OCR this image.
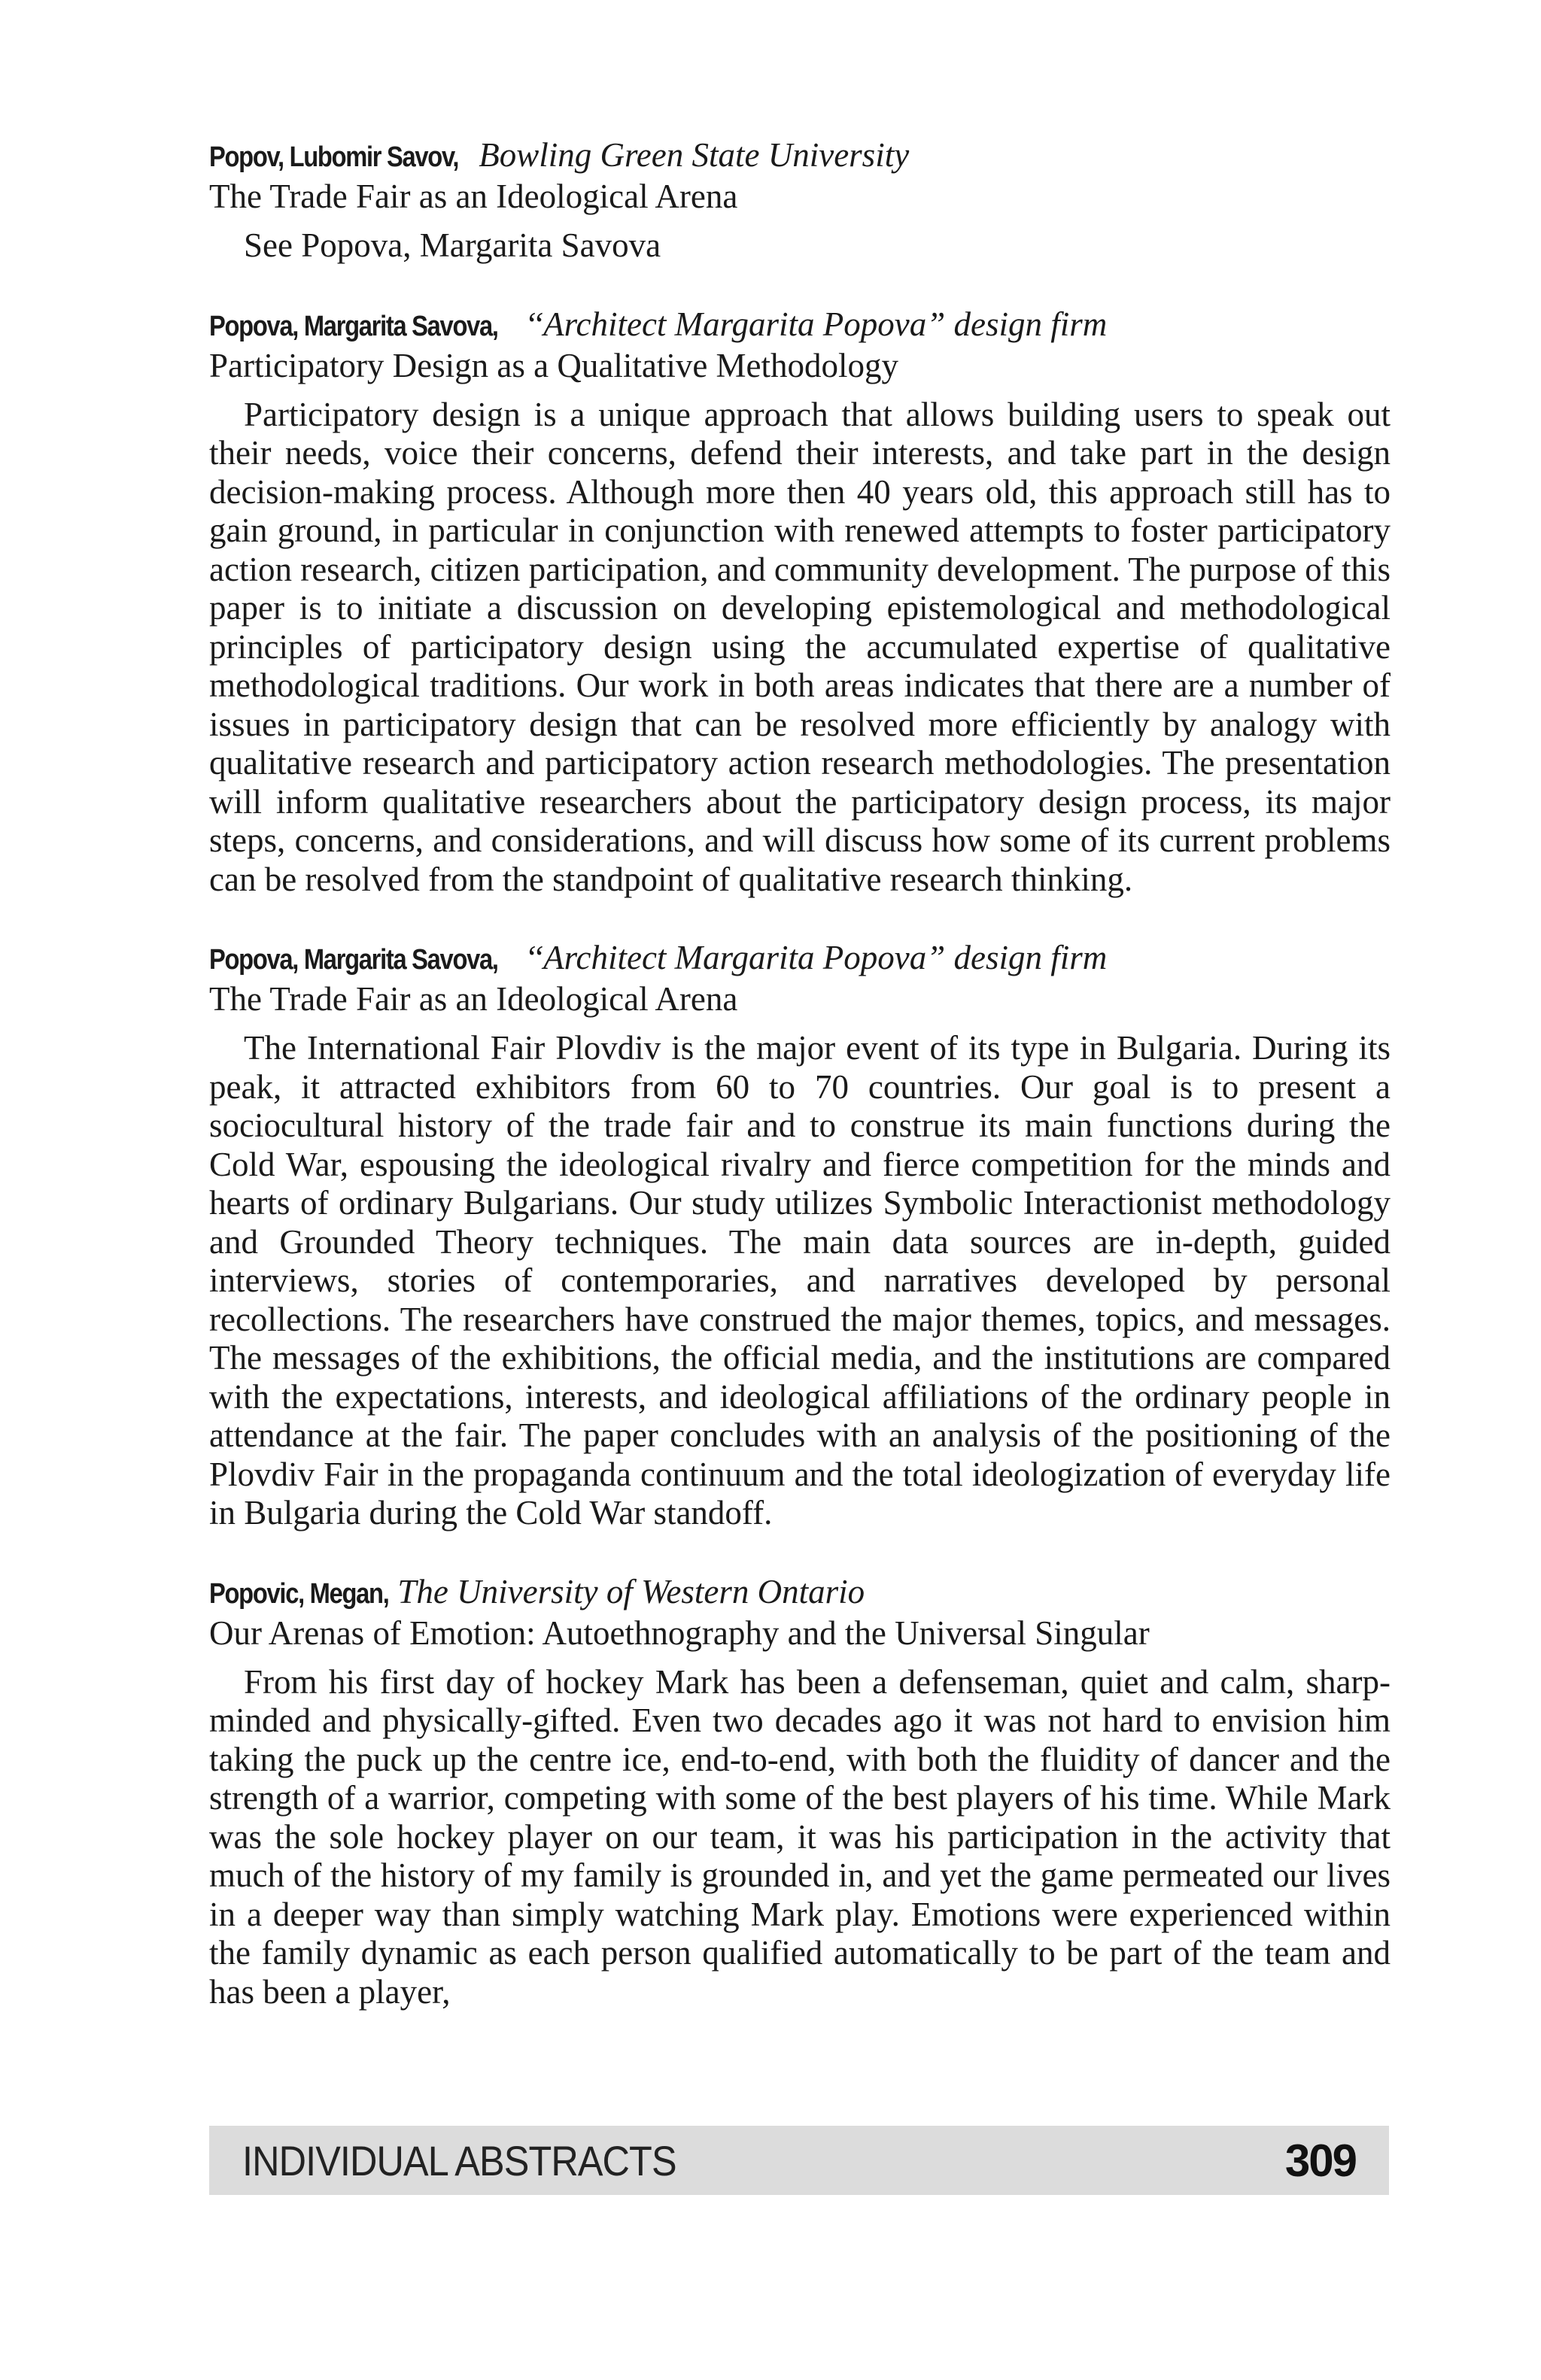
Popov, Lubomir Savov, Bowling Green State University

The Trade Fair as an Ideological Arena

See Popova, Margarita Savova

Popova, Margarita Savova, ‘‘Architect Margarita Popova” design firm

Participatory Design as a Qualitative Methodology

Participatory design is a unique approach that allows building users to speak out their needs, voice their concerns, defend their interests, and take part in the design decision-making process. Although more then 40 years old, this approach still has to gain ground, in particular in conjunction with renewed attempts to foster participatory action research, citizen participation, and community development. The purpose of this paper is to initiate a discussion on developing epistemological and methodological principles of participatory design using the accumulated expertise of qualitative methodological traditions. Our work in both areas indicates that there are a number of issues in participatory design that can be resolved more efficiently by analogy with qualitative research and participatory action research methodologies. The presentation will inform qualitative researchers about the participatory design process, its major steps, concerns, and considerations, and will discuss how some of its current problems can be resolved from the standpoint of qualitative research thinking.

Popova, Margarita Savova, ‘‘Architect Margarita Popova” design firm

The Trade Fair as an Ideological Arena

The International Fair Plovdiv is the major event of its type in Bulgaria. During its peak, it attracted exhibitors from 60 to 70 countries. Our goal is to present a sociocultural history of the trade fair and to construe its main functions during the Cold War, espousing the ideological rivalry and fierce competition for the minds and hearts of ordinary Bulgarians. Our study utilizes Symbolic Interactionist methodology and Grounded Theory techniques. The main data sources are in-depth, guided interviews, stories of contemporaries, and narratives developed by personal recollections. The researchers have construed the major themes, topics, and messages. The messages of the exhibitions, the official media, and the institutions are compared with the expectations, interests, and ideological affiliations of the ordinary people in attendance at the fair. The paper concludes with an analysis of the positioning of the Plovdiv Fair in the propaganda continuum and the total ideologization of everyday life in Bulgaria during the Cold War standoff.

Popovic, Megan, The University of Western Ontario

Our Arenas of Emotion: Autoethnography and the Universal Singular

From his first day of hockey Mark has been a defenseman, quiet and calm, sharp-minded and physically-gifted. Even two decades ago it was not hard to envision him taking the puck up the centre ice, end-to-end, with both the fluidity of dancer and the strength of a warrior, competing with some of the best players of his time. While Mark was the sole hockey player on our team, it was his participation in the activity that much of the history of my family is grounded in, and yet the game permeated our lives in a deeper way than simply watching Mark play. Emotions were experienced within the family dynamic as each person qualified automatically to be part of the team and has been a player,

INDIVIDUAL ABSTRACTS	309
